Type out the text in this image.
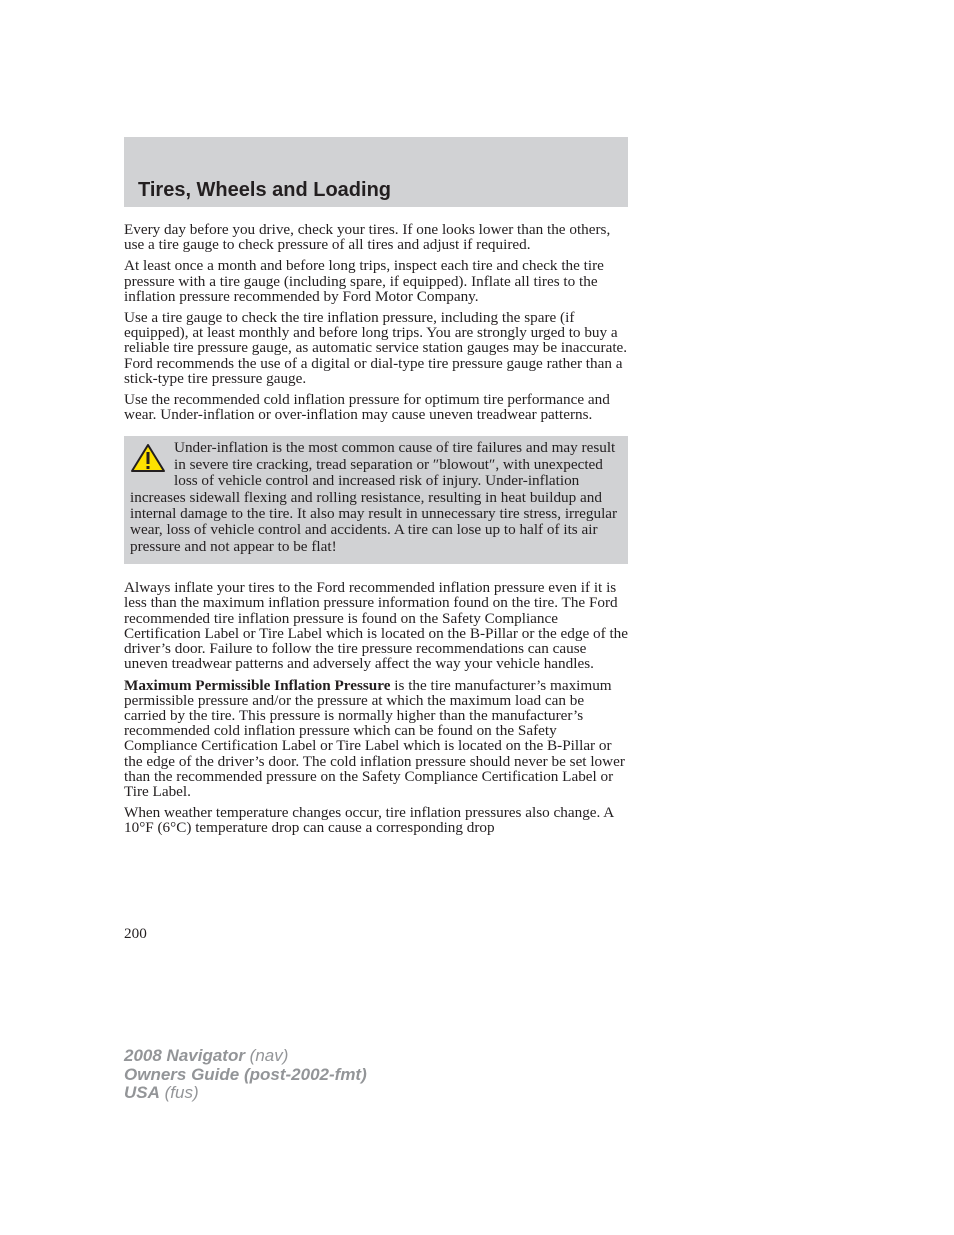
Tires, Wheels and Loading

Every day before you drive, check your tires. If one looks lower than the others, use a tire gauge to check pressure of all tires and adjust if required.

At least once a month and before long trips, inspect each tire and check the tire pressure with a tire gauge (including spare, if equipped). Inflate all tires to the inflation pressure recommended by Ford Motor Company.

Use a tire gauge to check the tire inflation pressure, including the spare (if equipped), at least monthly and before long trips. You are strongly urged to buy a reliable tire pressure gauge, as automatic service station gauges may be inaccurate. Ford recommends the use of a digital or dial-type tire pressure gauge rather than a stick-type tire pressure gauge.

Use the recommended cold inflation pressure for optimum tire performance and wear. Under-inflation or over-inflation may cause uneven treadwear patterns.

Under-inflation is the most common cause of tire failures and may result in severe tire cracking, tread separation or ″blowout″, with unexpected loss of vehicle control and increased risk of injury. Under-inflation increases sidewall flexing and rolling resistance, resulting in heat buildup and internal damage to the tire. It also may result in unnecessary tire stress, irregular wear, loss of vehicle control and accidents. A tire can lose up to half of its air pressure and not appear to be flat!

Always inflate your tires to the Ford recommended inflation pressure even if it is less than the maximum inflation pressure information found on the tire. The Ford recommended tire inflation pressure is found on the Safety Compliance Certification Label or Tire Label which is located on the B-Pillar or the edge of the driver’s door. Failure to follow the tire pressure recommendations can cause uneven treadwear patterns and adversely affect the way your vehicle handles.

Maximum Permissible Inflation Pressure is the tire manufacturer’s maximum permissible pressure and/or the pressure at which the maximum load can be carried by the tire. This pressure is normally higher than the manufacturer’s recommended cold inflation pressure which can be found on the Safety Compliance Certification Label or Tire Label which is located on the B-Pillar or the edge of the driver’s door. The cold inflation pressure should never be set lower than the recommended pressure on the Safety Compliance Certification Label or Tire Label.

When weather temperature changes occur, tire inflation pressures also change. A 10°F (6°C) temperature drop can cause a corresponding drop

200
2008 Navigator (nav)
Owners Guide (post-2002-fmt)
USA (fus)
